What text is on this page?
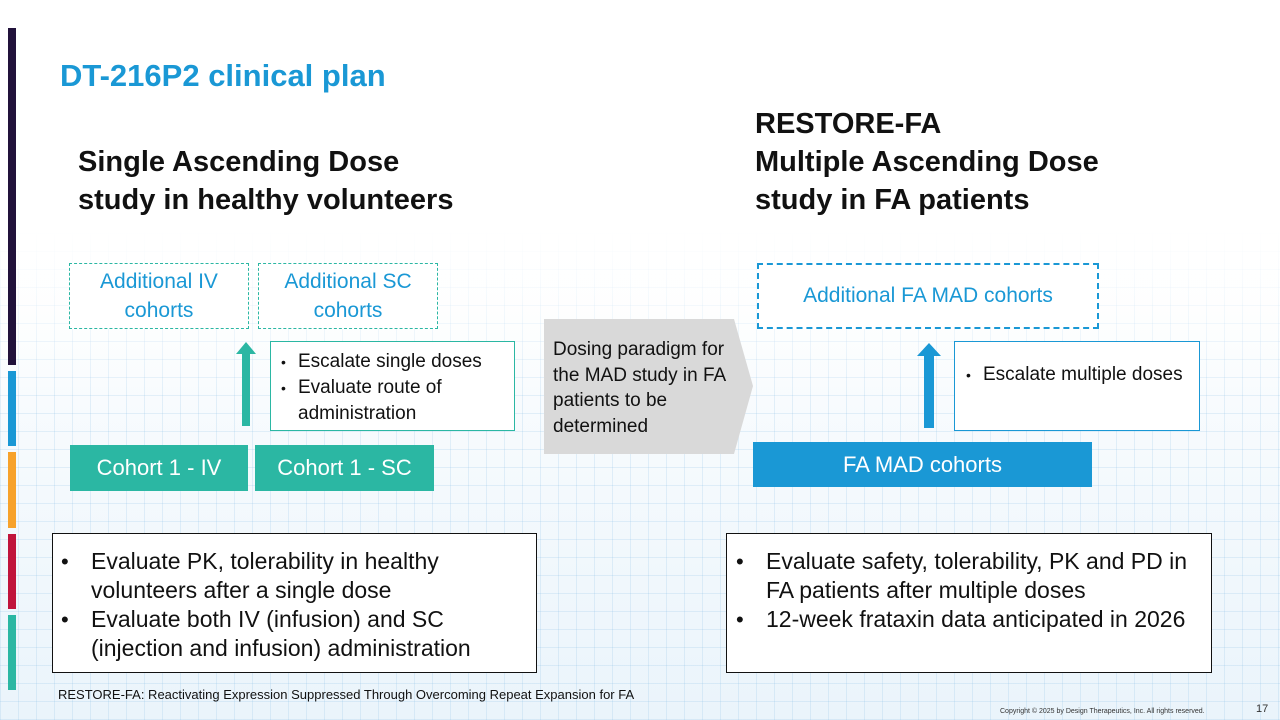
DT-216P2 clinical plan
Single Ascending Dose
study in healthy volunteers
Additional IV
cohorts
Additional SC
cohorts
• Escalate single doses
• Evaluate route of administration
Cohort 1 - IV	Cohort 1 - SC
• Evaluate PK, tolerability in healthy volunteers after a single dose
• Evaluate both IV (infusion) and SC (injection and infusion) administration
Dosing paradigm for the MAD study in FA patients to be determined
RESTORE-FA
Multiple Ascending Dose
study in FA patients
Additional FA MAD cohorts
• Escalate multiple doses
FA MAD cohorts
• Evaluate safety, tolerability, PK and PD in FA patients after multiple doses
• 12-week frataxin data anticipated in 2026
RESTORE-FA: Reactivating Expression Suppressed Through Overcoming Repeat Expansion for FA
Copyright © 2025 by Design Therapeutics, Inc. All rights reserved.	17
